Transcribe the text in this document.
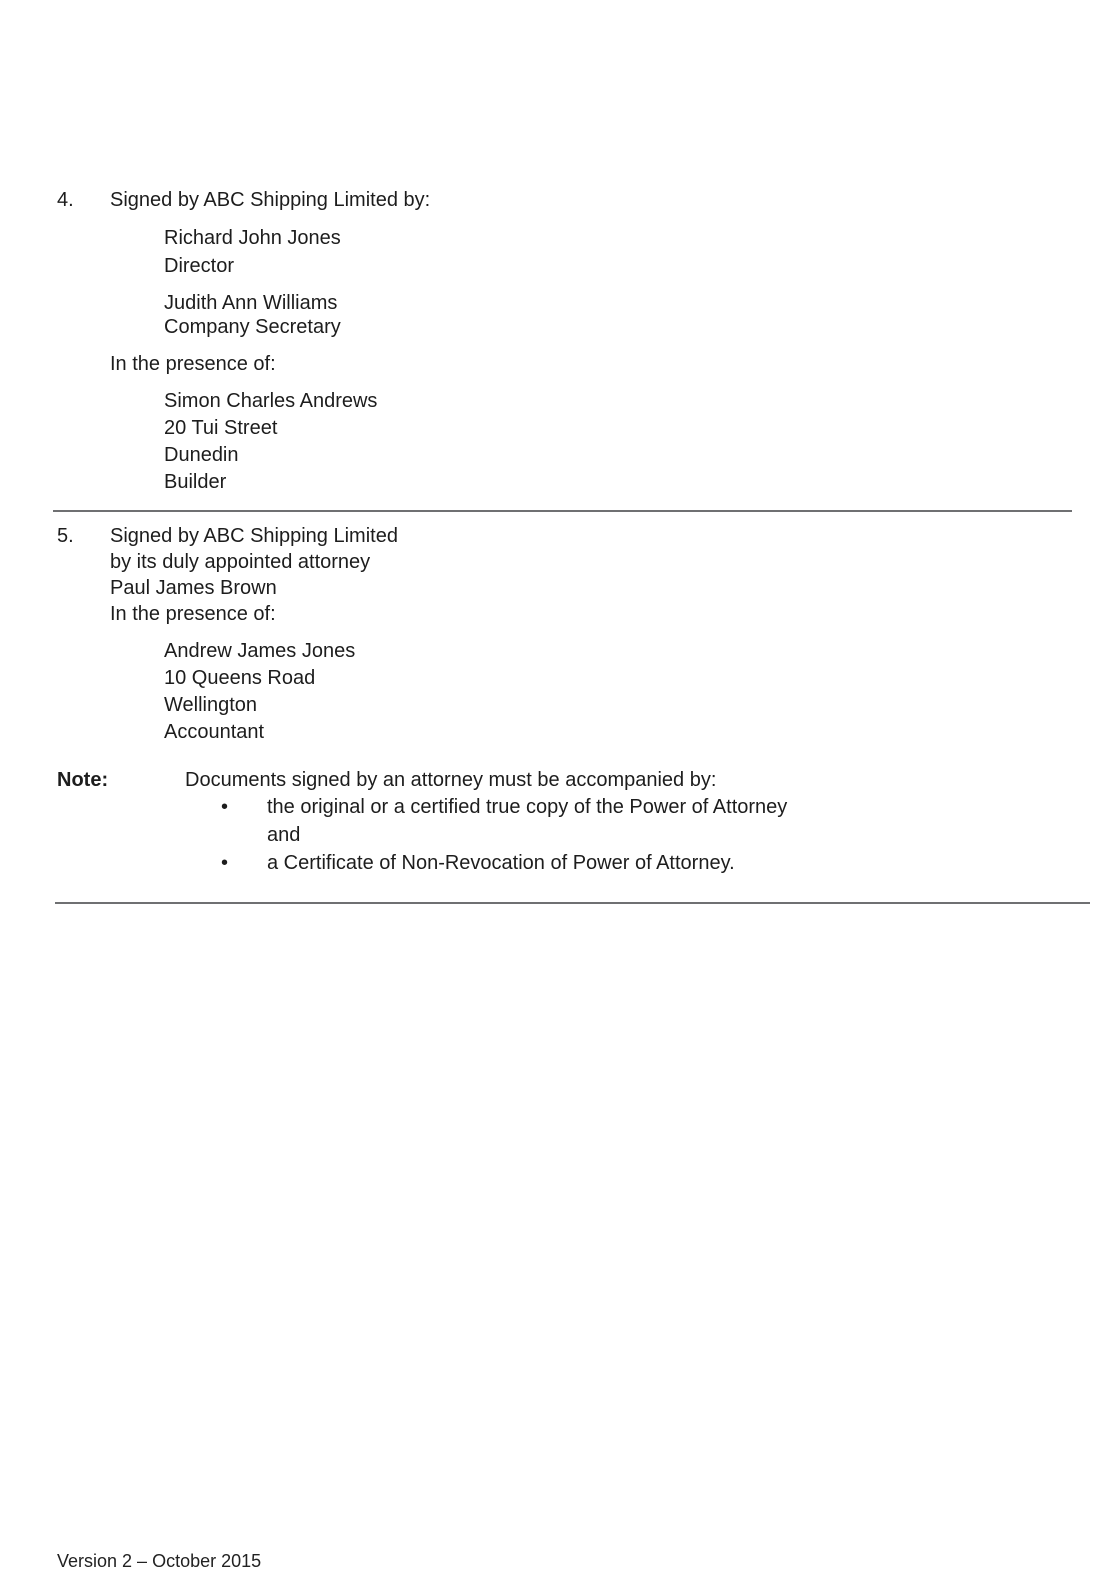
4. Signed by ABC Shipping Limited by:
Richard John Jones
Director
Judith Ann Williams
Company Secretary
In the presence of:
Simon Charles Andrews
20 Tui Street
Dunedin
Builder
5. Signed by ABC Shipping Limited
by its duly appointed attorney
Paul James Brown
In the presence of:
Andrew James Jones
10 Queens Road
Wellington
Accountant
Note:	Documents signed by an attorney must be accompanied by:
• the original or a certified true copy of the Power of Attorney
and
• a Certificate of Non-Revocation of Power of Attorney.
Version 2 – October 2015
